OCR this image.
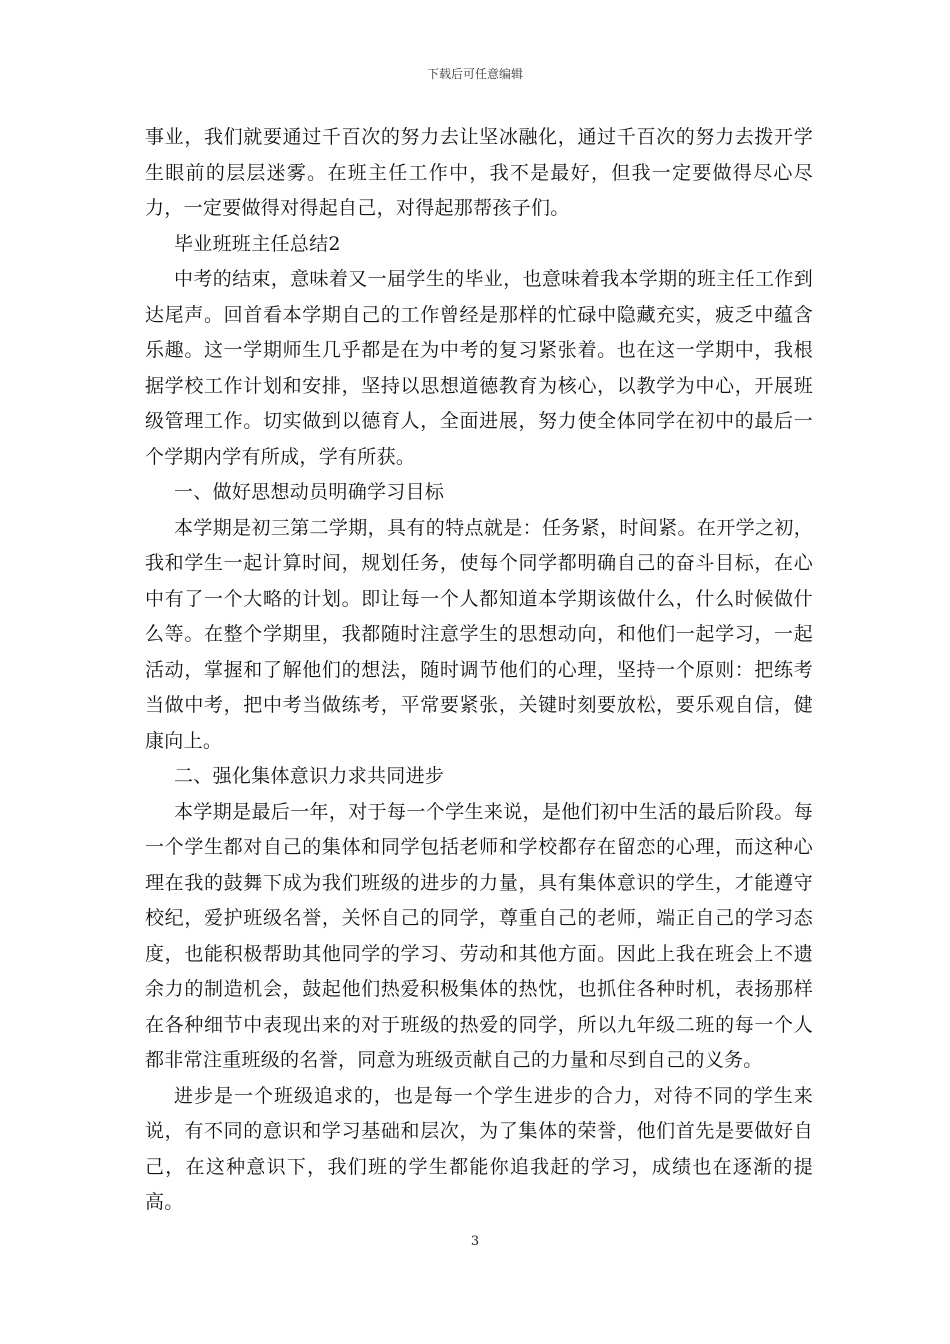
下载后可任意编辑

事业，我们就要通过千百次的努力去让坚冰融化，通过千百次的努力去拨开学生眼前的层层迷雾。在班主任工作中，我不是最好，但我一定要做得尽心尽力，一定要做得对得起自己，对得起那帮孩子们。

毕业班班主任总结2

中考的结束，意味着又一届学生的毕业，也意味着我本学期的班主任工作到达尾声。回首看本学期自己的工作曾经是那样的忙碌中隐藏充实，疲乏中蕴含乐趣。这一学期师生几乎都是在为中考的复习紧张着。也在这一学期中，我根据学校工作计划和安排，坚持以思想道德教育为核心，以教学为中心，开展班级管理工作。切实做到以德育人，全面进展，努力使全体同学在初中的最后一个学期内学有所成，学有所获。

一、做好思想动员明确学习目标

本学期是初三第二学期，具有的特点就是：任务紧，时间紧。在开学之初，我和学生一起计算时间，规划任务，使每个同学都明确自己的奋斗目标，在心中有了一个大略的计划。即让每一个人都知道本学期该做什么，什么时候做什么等。在整个学期里，我都随时注意学生的思想动向，和他们一起学习，一起活动，掌握和了解他们的想法，随时调节他们的心理，坚持一个原则：把练考当做中考，把中考当做练考，平常要紧张，关键时刻要放松，要乐观自信，健康向上。

二、强化集体意识力求共同进步

本学期是最后一年，对于每一个学生来说，是他们初中生活的最后阶段。每一个学生都对自己的集体和同学包括老师和学校都存在留恋的心理，而这种心理在我的鼓舞下成为我们班级的进步的力量，具有集体意识的学生，才能遵守校纪，爱护班级名誉，关怀自己的同学，尊重自己的老师，端正自己的学习态度，也能积极帮助其他同学的学习、劳动和其他方面。因此上我在班会上不遗余力的制造机会，鼓起他们热爱积极集体的热忱，也抓住各种时机，表扬那样在各种细节中表现出来的对于班级的热爱的同学，所以九年级二班的每一个人都非常注重班级的名誉，同意为班级贡献自己的力量和尽到自己的义务。

进步是一个班级追求的，也是每一个学生进步的合力，对待不同的学生来说，有不同的意识和学习基础和层次，为了集体的荣誉，他们首先是要做好自己，在这种意识下，我们班的学生都能你追我赶的学习，成绩也在逐渐的提高。

3
